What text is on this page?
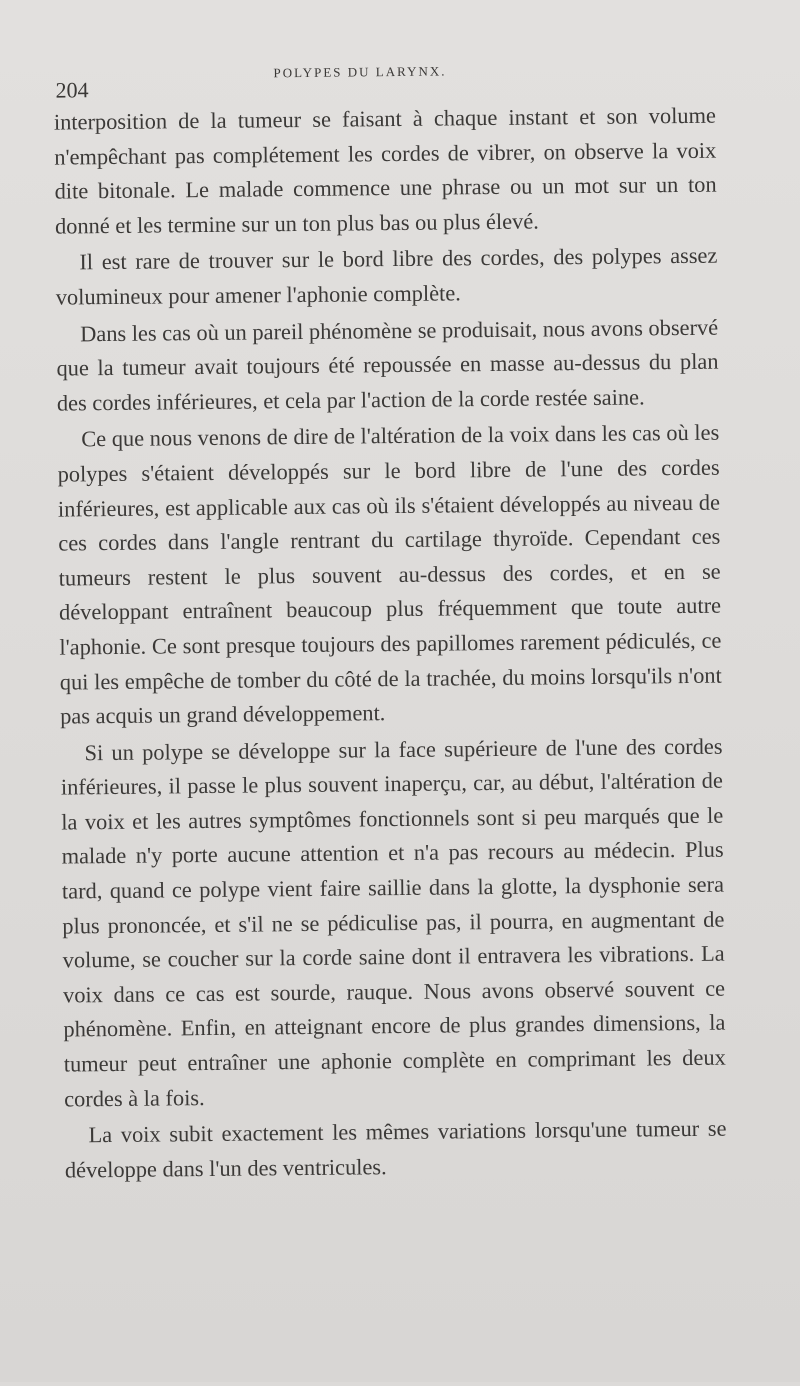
204
POLYPES DU LARYNX.

interposition de la tumeur se faisant à chaque instant et son volume n'empêchant pas complétement les cordes de vibrer, on observe la voix dite bitonale. Le malade commence une phrase ou un mot sur un ton donné et les termine sur un ton plus bas ou plus élevé.

Il est rare de trouver sur le bord libre des cordes, des polypes assez volumineux pour amener l'aphonie complète.

Dans les cas où un pareil phénomène se produisait, nous avons observé que la tumeur avait toujours été repoussée en masse au-dessus du plan des cordes inférieures, et cela par l'action de la corde restée saine.

Ce que nous venons de dire de l'altération de la voix dans les cas où les polypes s'étaient développés sur le bord libre de l'une des cordes inférieures, est applicable aux cas où ils s'étaient développés au niveau de ces cordes dans l'angle rentrant du cartilage thyroïde. Cependant ces tumeurs restent le plus souvent au-dessus des cordes, et en se développant entraînent beaucoup plus fréquemment que toute autre l'aphonie. Ce sont presque toujours des papillomes rarement pédiculés, ce qui les empêche de tomber du côté de la trachée, du moins lorsqu'ils n'ont pas acquis un grand développement.

Si un polype se développe sur la face supérieure de l'une des cordes inférieures, il passe le plus souvent inaperçu, car, au début, l'altération de la voix et les autres symptômes fonctionnels sont si peu marqués que le malade n'y porte aucune attention et n'a pas recours au médecin. Plus tard, quand ce polype vient faire saillie dans la glotte, la dysphonie sera plus prononcée, et s'il ne se pédiculise pas, il pourra, en augmentant de volume, se coucher sur la corde saine dont il entravera les vibrations. La voix dans ce cas est sourde, rauque. Nous avons observé souvent ce phénomène. Enfin, en atteignant encore de plus grandes dimensions, la tumeur peut entraîner une aphonie complète en comprimant les deux cordes à la fois.

La voix subit exactement les mêmes variations lorsqu'une tumeur se développe dans l'un des ventricules.
